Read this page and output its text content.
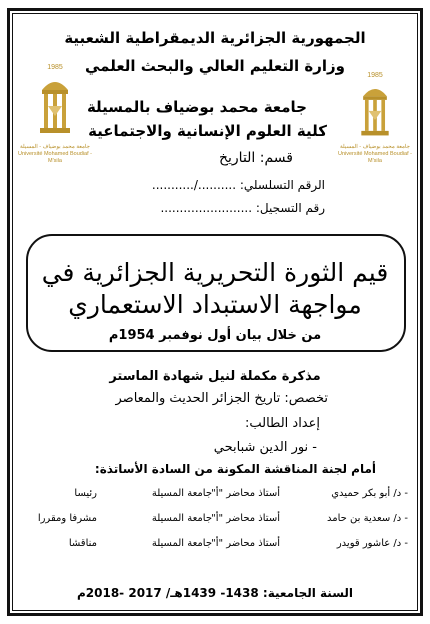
الجمهورية الجزائرية الديمقراطية الشعبية
وزارة التعليم العالي والبحث العلمي
1985
جامعة محمد بوضياف - المسيلة
Université Mohamed Boudiaf - M'sila
1985
جامعة محمد بوضياف - المسيلة
Université Mohamed Boudiaf - M'sila
جامعة محمد بوضياف بالمسيلة
كلية العلوم الإنسانية والاجتماعية
قسم: التاريخ
الرقم التسلسلي: ........../...........
رقم التسجيل: ........................
قيم الثورة التحريرية الجزائرية في
مواجهة الاستبداد الاستعماري
من خلال بيان أول نوفمبر 1954م
مذكرة مكملة لنيل شهادة الماستر
تخصص: تاريخ الجزائر الحديث والمعاصر
إعداد الطالب:
- نور الدين شبابحي
أمام لجنة المناقشة المكونة من السادة الأساتذة:
- د/ أبو بكر حميدي
أستاذ محاضر "أ"
جامعة المسيلة
رئيسا
- د/ سعدية بن حامد
أستاذ محاضر "أ"
جامعة المسيلة
مشرفا ومقررا
- د/ عاشور قويدر
أستاذ محاضر "أ"
جامعة المسيلة
مناقشا
السنة الجامعية: 1438- 1439هـ/ 2017 -2018م
